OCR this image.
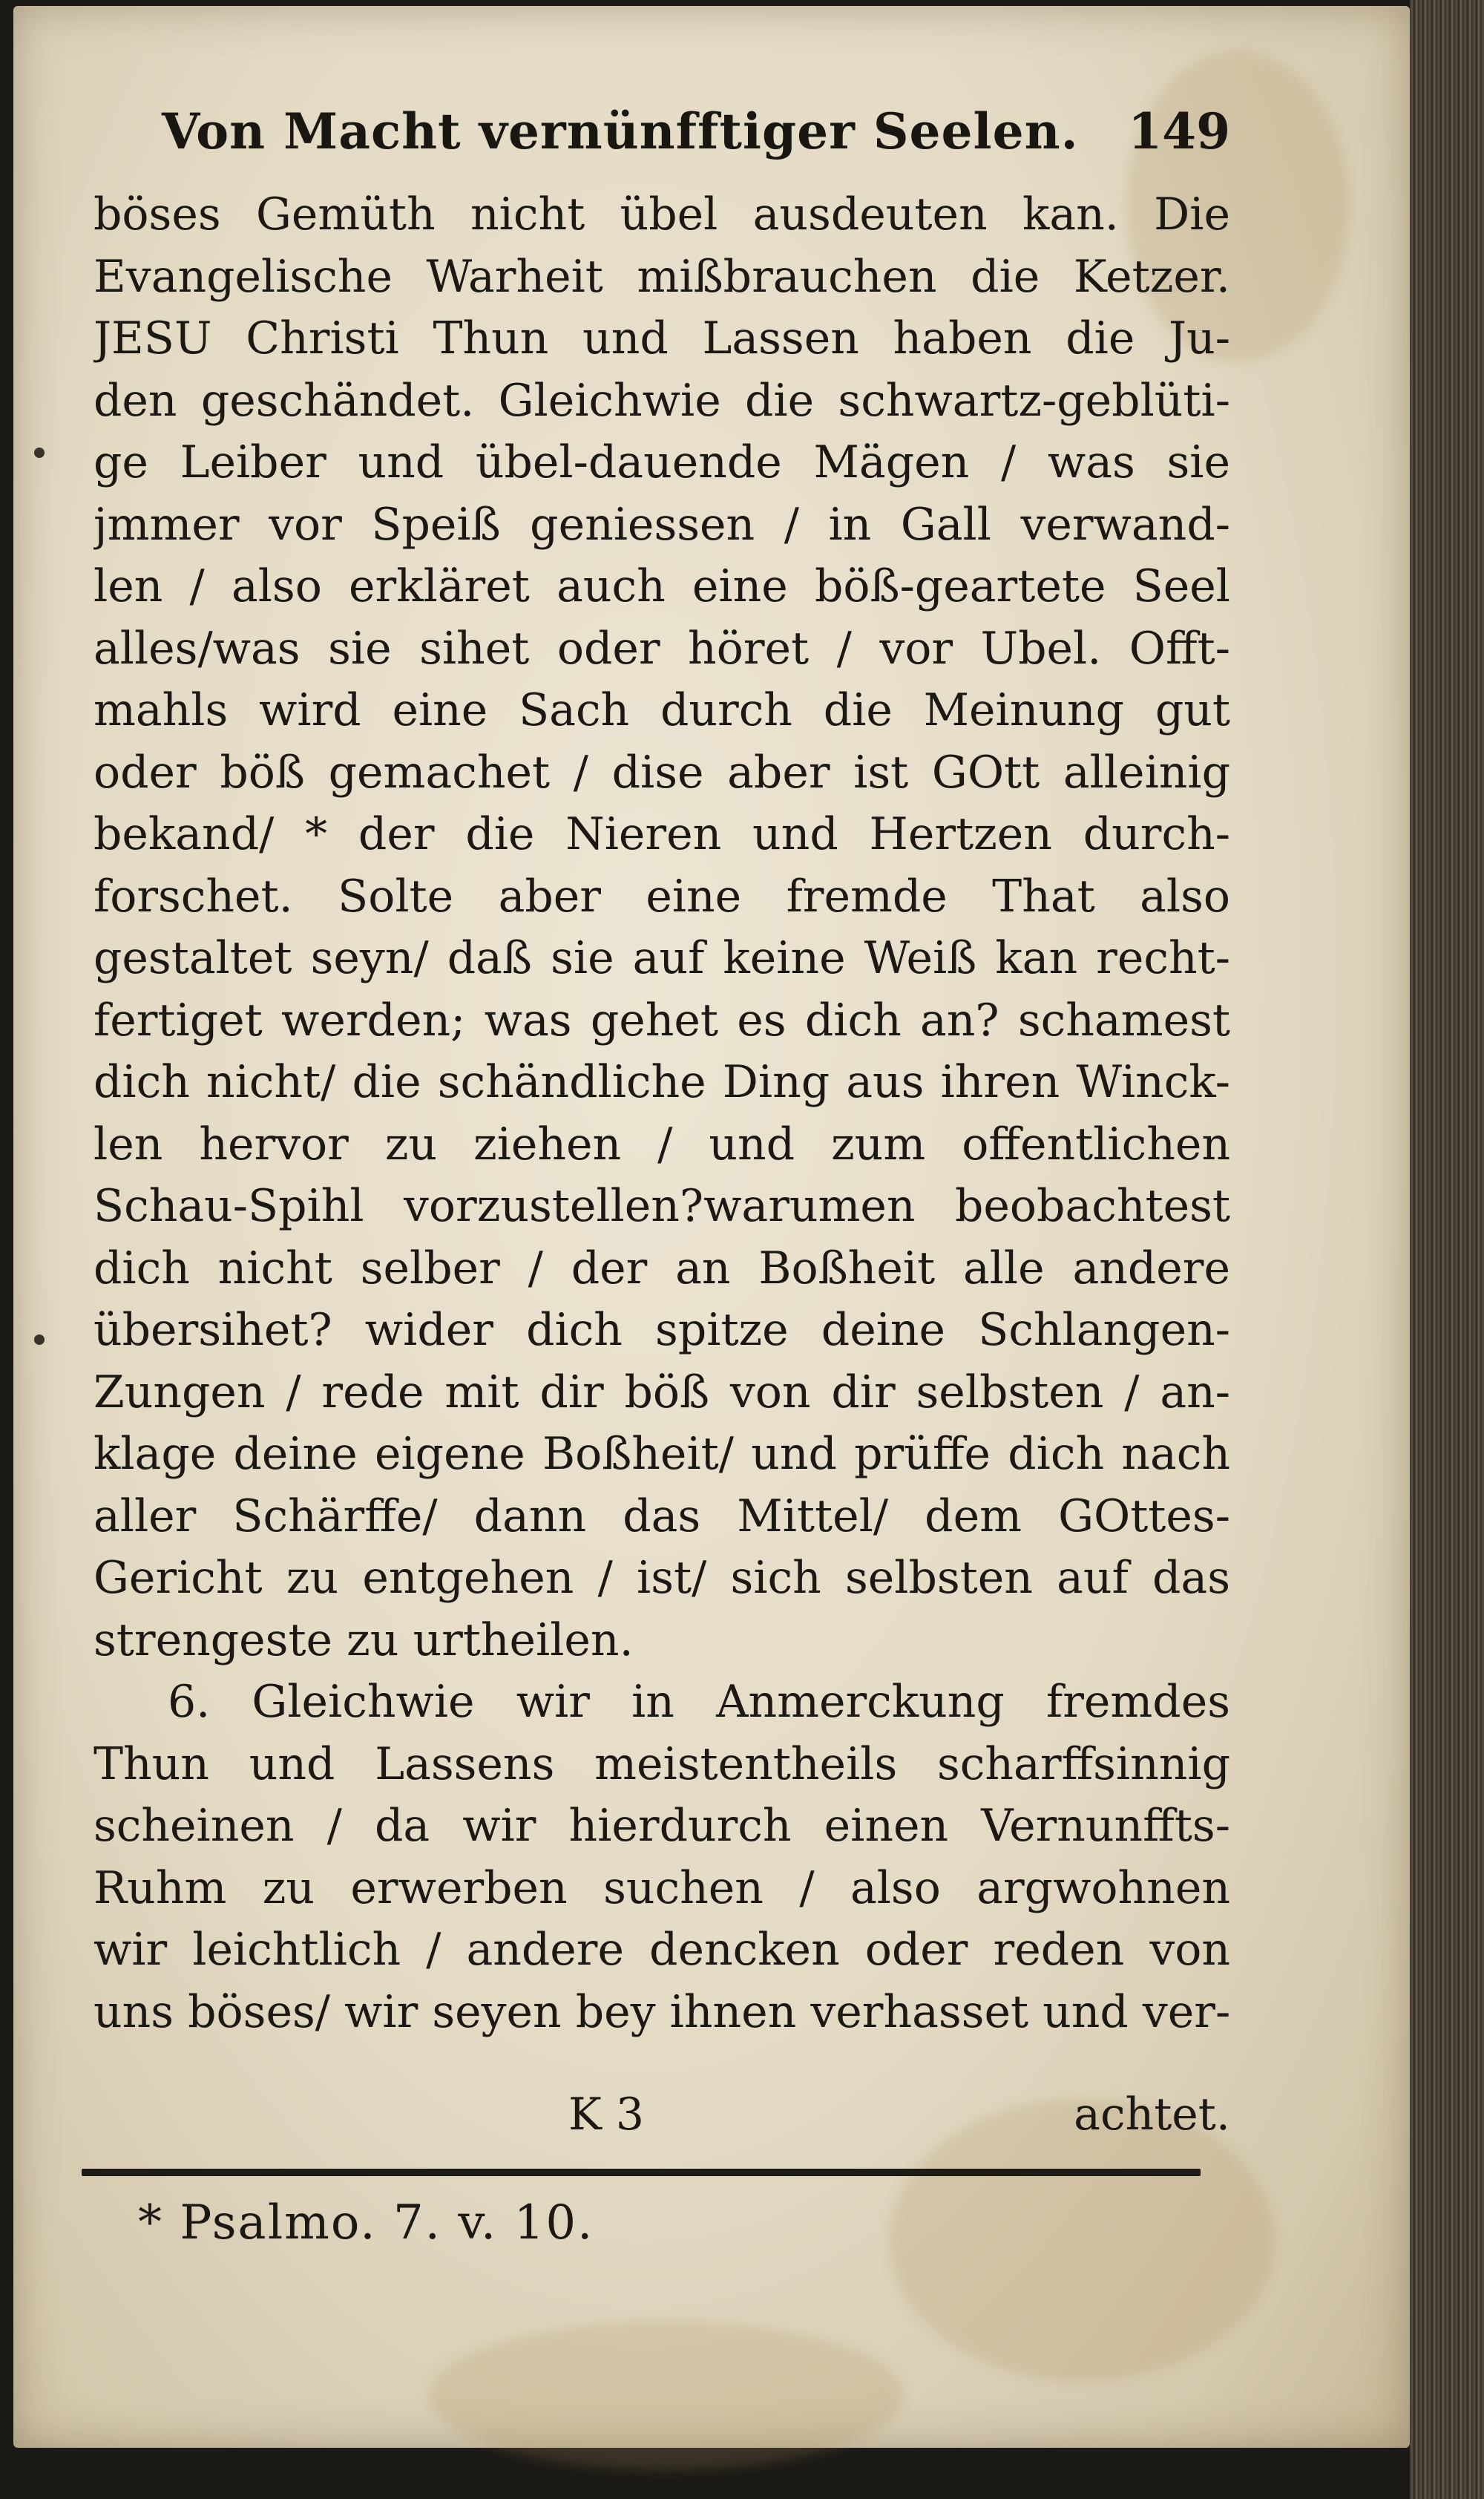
Von Macht vernünfftiger Seelen. 149
böses Gemüth nicht übel ausdeuten kan. Die
Evangelische Warheit mißbrauchen die Ketzer.
JESU Christi Thun und Lassen haben die Ju-
den geschändet. Gleichwie die schwartz-geblüti-
ge Leiber und übel-dauende Mägen / was sie
jmmer vor Speiß geniessen / in Gall verwand-
len / also erkläret auch eine böß-geartete Seel
alles/was sie sihet oder höret / vor Ubel. Offt-
mahls wird eine Sach durch die Meinung gut
oder böß gemachet / dise aber ist GOtt alleinig
bekand/ * der die Nieren und Hertzen durch-
forschet. Solte aber eine fremde That also
gestaltet seyn/ daß sie auf keine Weiß kan recht-
fertiget werden; was gehet es dich an? schamest
dich nicht/ die schändliche Ding aus ihren Winck-
len hervor zu ziehen / und zum offentlichen
Schau-Spihl vorzustellen?warumen beobachtest
dich nicht selber / der an Boßheit alle andere
übersihet? wider dich spitze deine Schlangen-
Zungen / rede mit dir böß von dir selbsten / an-
klage deine eigene Boßheit/ und prüffe dich nach
aller Schärffe/ dann das Mittel/ dem GOttes-
Gericht zu entgehen / ist/ sich selbsten auf das
strengeste zu urtheilen.
6. Gleichwie wir in Anmerckung fremdes
Thun und Lassens meistentheils scharffsinnig
scheinen / da wir hierdurch einen Vernunffts-
Ruhm zu erwerben suchen / also argwohnen
wir leichtlich / andere dencken oder reden von
uns böses/ wir seyen bey ihnen verhasset und ver-
K 3	achtet.
* Psalmo. 7. v. 10.
